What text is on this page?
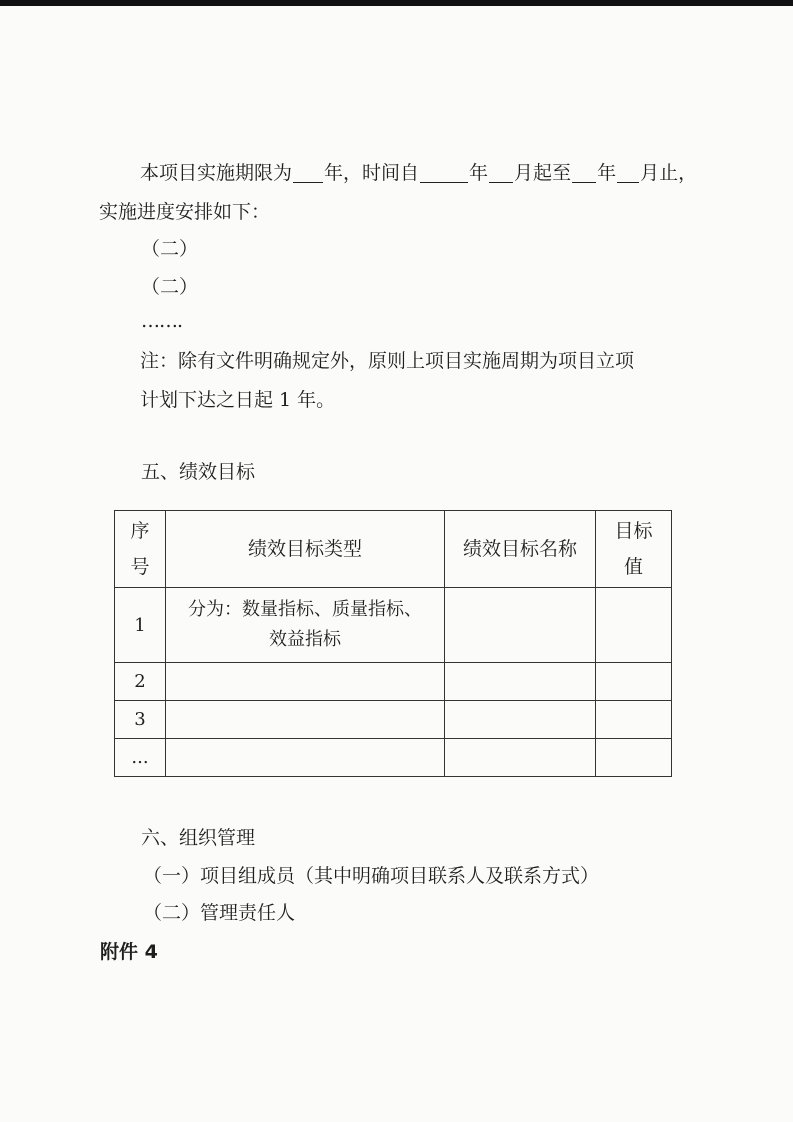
本项目实施期限为 年，时间自	年 月起至 年 月止，
实施进度安排如下：
（二）
（二）
…….
注：除有文件明确规定外，原则上项目实施周期为项目立项
计划下达之日起 1 年。
五、绩效目标
序号	绩效目标类型	绩效目标名称	目标值

1	分为：数量指标、质量指标、
效益指标		

2			
3			
...			
六、组织管理
（一）项目组成员（其中明确项目联系人及联系方式）
（二）管理责任人
附件 4
